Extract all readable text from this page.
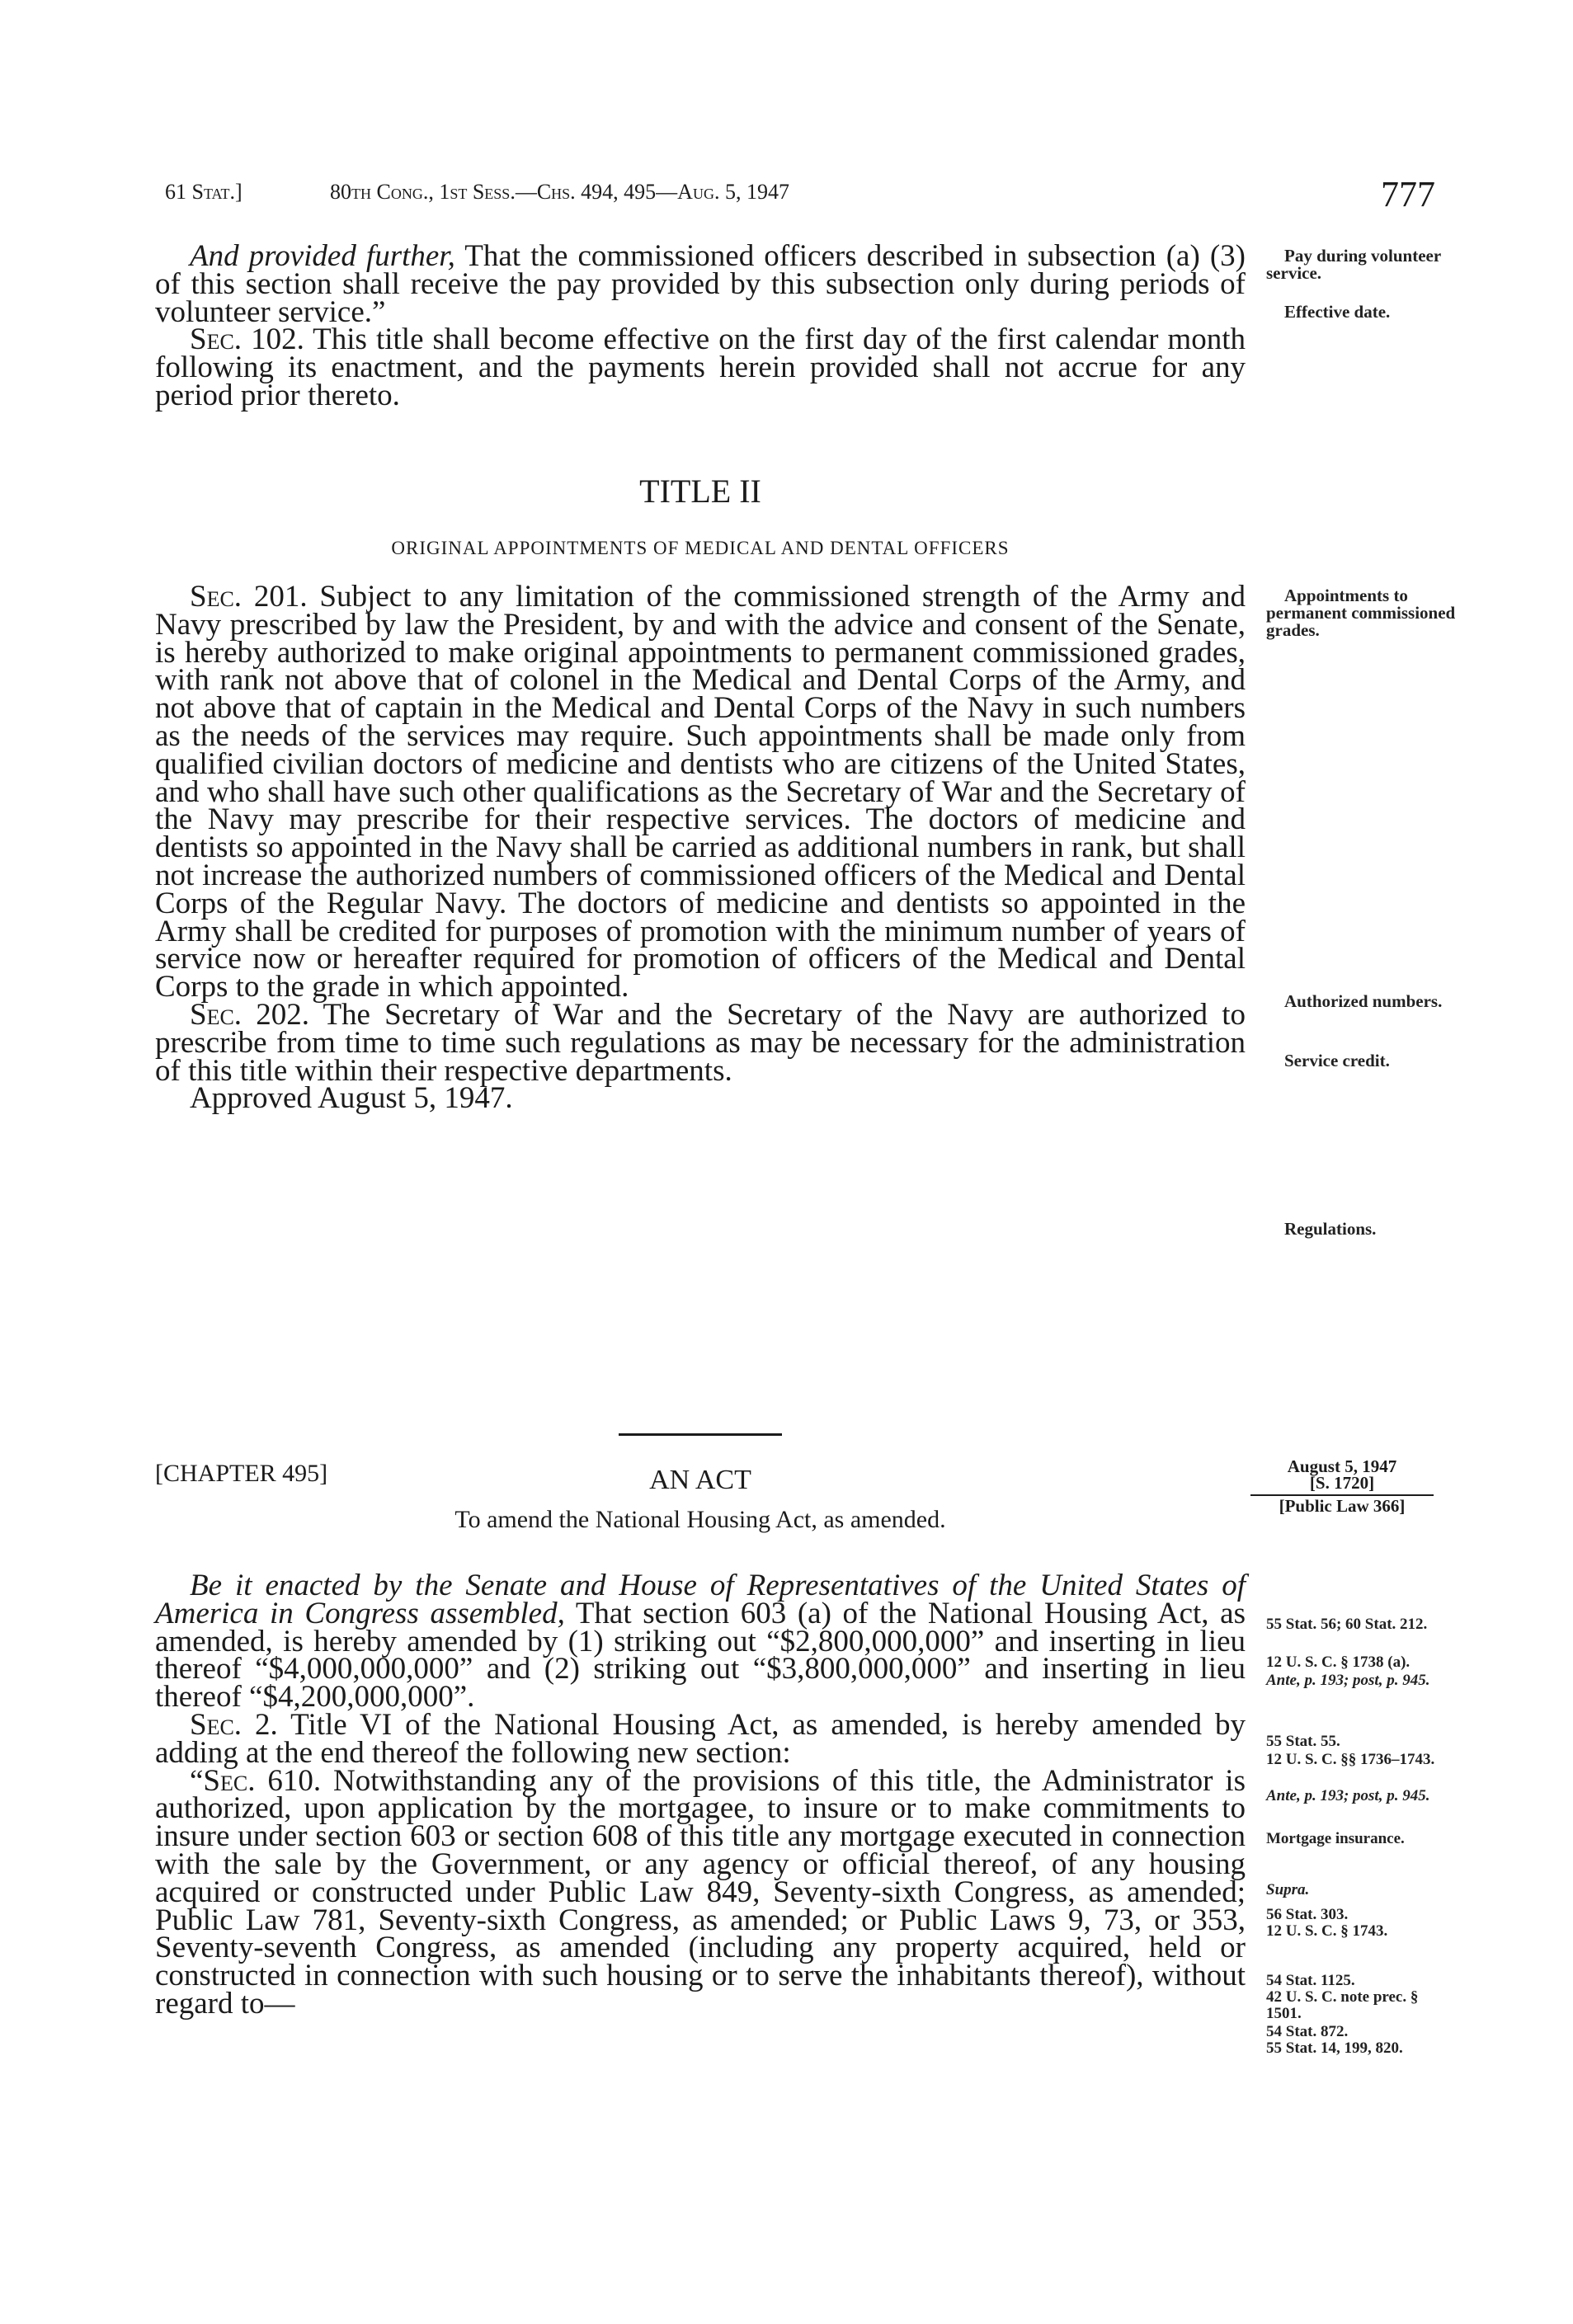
61 Stat.]	80th Cong., 1st Sess.—Chs. 494, 495—Aug. 5, 1947	777

And provided further, That the commissioned officers described in subsection (a) (3) of this section shall receive the pay provided by this subsection only during periods of volunteer service.”

Sec. 102. This title shall become effective on the first day of the first calendar month following its enactment, and the payments herein provided shall not accrue for any period prior thereto.

TITLE II
ORIGINAL APPOINTMENTS OF MEDICAL AND DENTAL OFFICERS

Sec. 201. Subject to any limitation of the commissioned strength of the Army and Navy prescribed by law the President, by and with the advice and consent of the Senate, is hereby authorized to make original appointments to permanent commissioned grades, with rank not above that of colonel in the Medical and Dental Corps of the Army, and not above that of captain in the Medical and Dental Corps of the Navy in such numbers as the needs of the services may require. Such appointments shall be made only from qualified civilian doctors of medicine and dentists who are citizens of the United States, and who shall have such other qualifications as the Secretary of War and the Secretary of the Navy may prescribe for their respective services. The doctors of medicine and dentists so appointed in the Navy shall be carried as additional numbers in rank, but shall not increase the authorized numbers of commissioned officers of the Medical and Dental Corps of the Regular Navy. The doctors of medicine and dentists so appointed in the Army shall be credited for purposes of promotion with the minimum number of years of service now or hereafter required for promotion of officers of the Medical and Dental Corps to the grade in which appointed.

Sec. 202. The Secretary of War and the Secretary of the Navy are authorized to prescribe from time to time such regulations as may be necessary for the administration of this title within their respective departments.

Approved August 5, 1947.

[CHAPTER 495]	AN ACT
To amend the National Housing Act, as amended.
August 5, 1947
[S. 1720]
[Public Law 366]

Be it enacted by the Senate and House of Representatives of the United States of America in Congress assembled, That section 603 (a) of the National Housing Act, as amended, is hereby amended by (1) striking out “$2,800,000,000” and inserting in lieu thereof “$4,000,000,000” and (2) striking out “$3,800,000,000” and inserting in lieu thereof “$4,200,000,000”.

Sec. 2. Title VI of the National Housing Act, as amended, is hereby amended by adding at the end thereof the following new section:

“Sec. 610. Notwithstanding any of the provisions of this title, the Administrator is authorized, upon application by the mortgagee, to insure or to make commitments to insure under section 603 or section 608 of this title any mortgage executed in connection with the sale by the Government, or any agency or official thereof, of any housing acquired or constructed under Public Law 849, Seventy-sixth Congress, as amended; Public Law 781, Seventy-sixth Congress, as amended; or Public Laws 9, 73, or 353, Seventy-seventh Congress, as amended (including any property acquired, held or constructed in connection with such housing or to serve the inhabitants thereof), without regard to—

Pay during volunteer service.
Effective date.
Appointments to permanent commissioned grades.
Authorized numbers.
Service credit.
Regulations.
55 Stat. 56; 60 Stat. 212.
12 U. S. C. § 1738 (a).
Ante, p. 193; post, p. 945.
55 Stat. 55.
12 U. S. C. §§ 1736–1743.
Ante, p. 193; post, p. 945.
Mortgage insurance.
Supra.
56 Stat. 303.
12 U. S. C. § 1743.
54 Stat. 1125.
42 U. S. C. note prec. § 1501.
54 Stat. 872.
55 Stat. 14, 199, 820.
